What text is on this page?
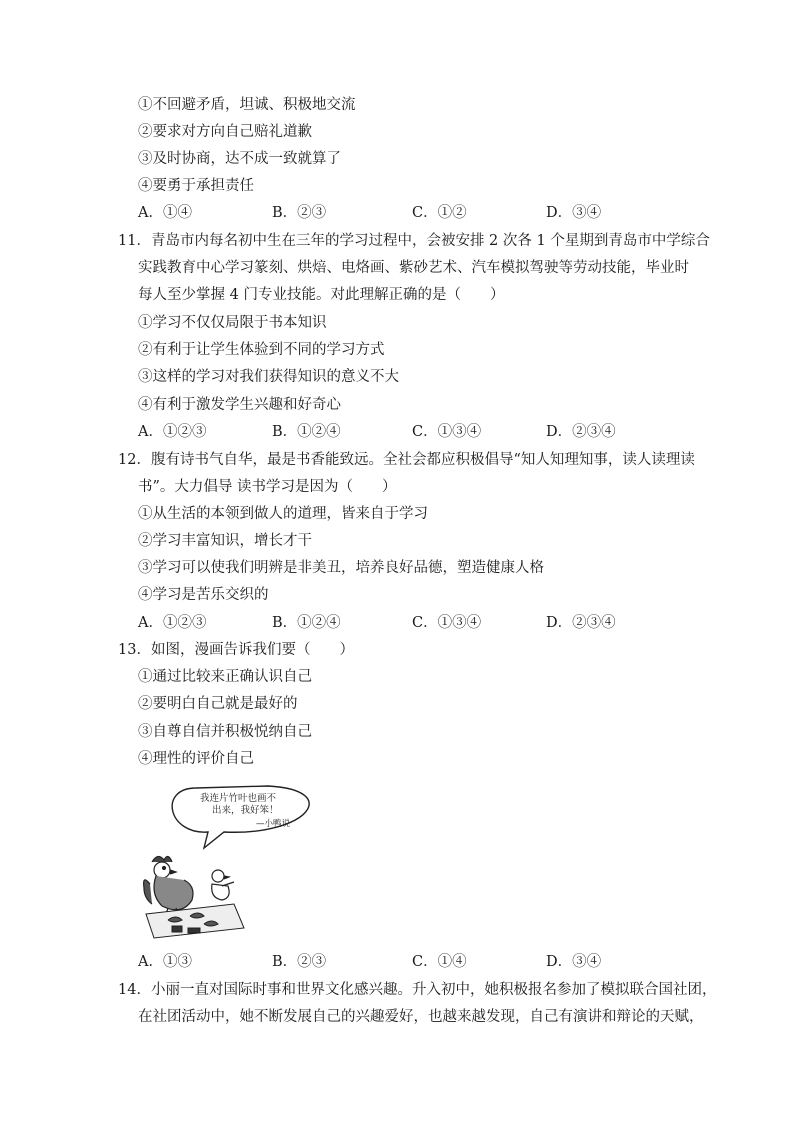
①不回避矛盾，坦诚、积极地交流
②要求对方向自己赔礼道歉
③及时协商，达不成一致就算了
④要勇于承担责任
A．①④	B．②③	C．①②	D．③④
11．青岛市内每名初中生在三年的学习过程中，会被安排 2 次各 1 个星期到青岛市中学综合
实践教育中心学习篆刻、烘焙、电烙画、紫砂艺术、汽车模拟驾驶等劳动技能，毕业时
每人至少掌握 4 门专业技能。对此理解正确的是（　　）
①学习不仅仅局限于书本知识
②有利于让学生体验到不同的学习方式
③这样的学习对我们获得知识的意义不大
④有利于激发学生兴趣和好奇心
A．①②③	B．①②④	C．①③④	D．②③④
12．腹有诗书气自华，最是书香能致远。全社会都应积极倡导“知人知理知事，读人读理读
书”。大力倡导 读书学习是因为（　　）
①从生活的本领到做人的道理，皆来自于学习
②学习丰富知识，增长才干
③学习可以使我们明辨是非美丑，培养良好品德，塑造健康人格
④学习是苦乐交织的
A．①②③	B．①②④	C．①③④	D．②③④
13．如图，漫画告诉我们要（　　）
①通过比较来正确认识自己
②要明白自己就是最好的
③自尊自信并积极悦纳自己
④理性的评价自己
我连片竹叶也画不
出来，我好笨！
—小鸭说
A．①③	B．②③	C．①④	D．③④
14．小丽一直对国际时事和世界文化感兴趣。升入初中，她积极报名参加了模拟联合国社团，
在社团活动中，她不断发展自己的兴趣爱好，也越来越发现，自己有演讲和辩论的天赋，
